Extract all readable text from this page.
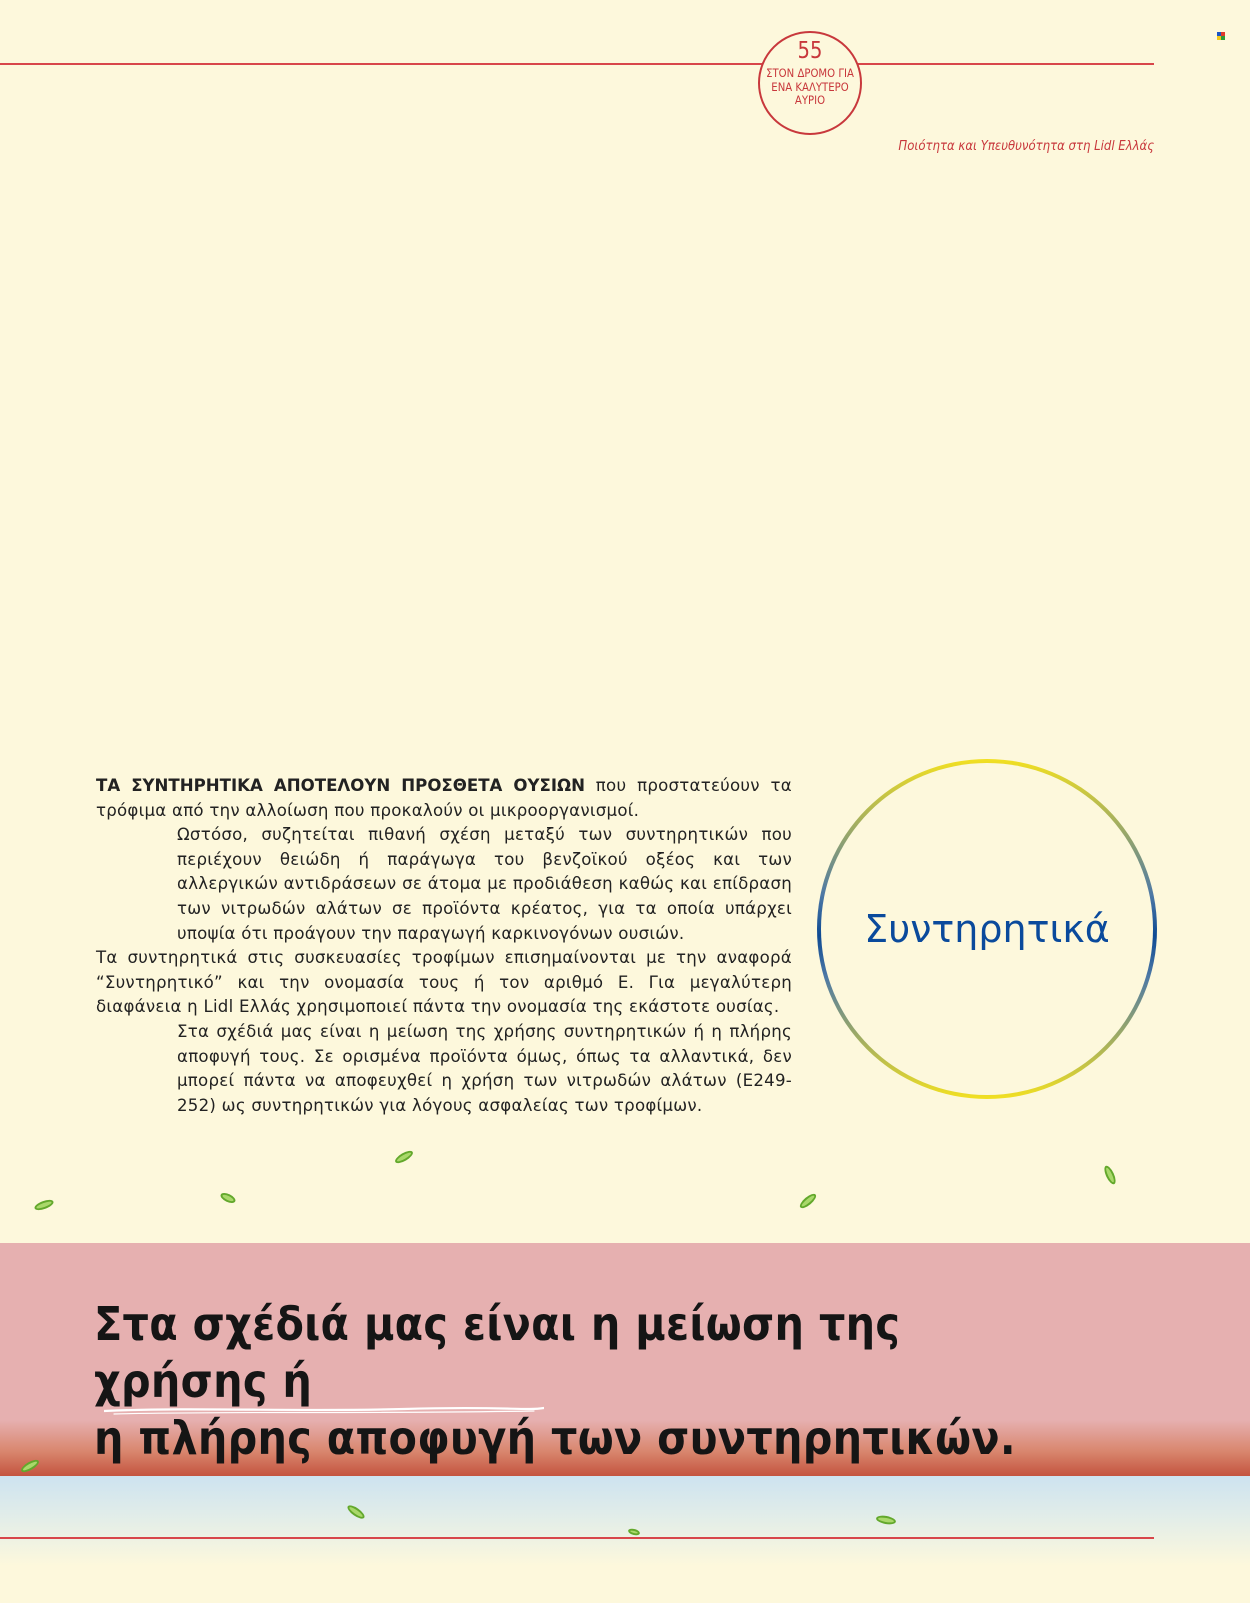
55
ΣΤΟΝ ΔΡΟΜΟ ΓΙΑ ΕΝΑ ΚΑΛΥΤΕΡΟ ΑΥΡΙΟ
Ποιότητα και Υπευθυνότητα στη Lidl Ελλάς

ΤΑ ΣΥΝΤΗΡΗΤΙΚΑ ΑΠΟΤΕΛΟΥΝ ΠΡΟΣΘΕΤΑ ΟΥΣΙΩΝ που προστατεύουν τα τρόφιμα από την αλλοίωση που προκαλούν οι μικροοργανισμοί.

Ωστόσο, συζητείται πιθανή σχέση μεταξύ των συντηρητικών που περιέχουν θειώδη ή παράγωγα του βενζοϊκού οξέος και των αλλεργικών αντιδράσεων σε άτομα με προδιάθεση καθώς και επίδραση των νιτρωδών αλάτων σε προϊόντα κρέατος, για τα οποία υπάρχει υποψία ότι προάγουν την παραγωγή καρκινογόνων ουσιών.

Τα συντηρητικά στις συσκευασίες τροφίμων επισημαίνονται με την αναφορά “Συντηρητικό” και την ονομασία τους ή τον αριθμό Ε. Για μεγαλύτερη διαφάνεια η Lidl Ελλάς χρησιμοποιεί πάντα την ονομασία της εκάστοτε ουσίας.

Στα σχέδιά μας είναι η μείωση της χρήσης συντηρητικών ή η πλήρης αποφυγή τους. Σε ορισμένα προϊόντα όμως, όπως τα αλλαντικά, δεν μπορεί πάντα να αποφευχθεί η χρήση των νιτρωδών αλάτων (Ε249-252) ως συντηρητικών για λόγους ασφαλείας των τροφίμων.

Συντηρητικά
Στα σχέδιά μας είναι η μείωση της χρήσης ή
η πλήρης αποφυγή των συντηρητικών.
